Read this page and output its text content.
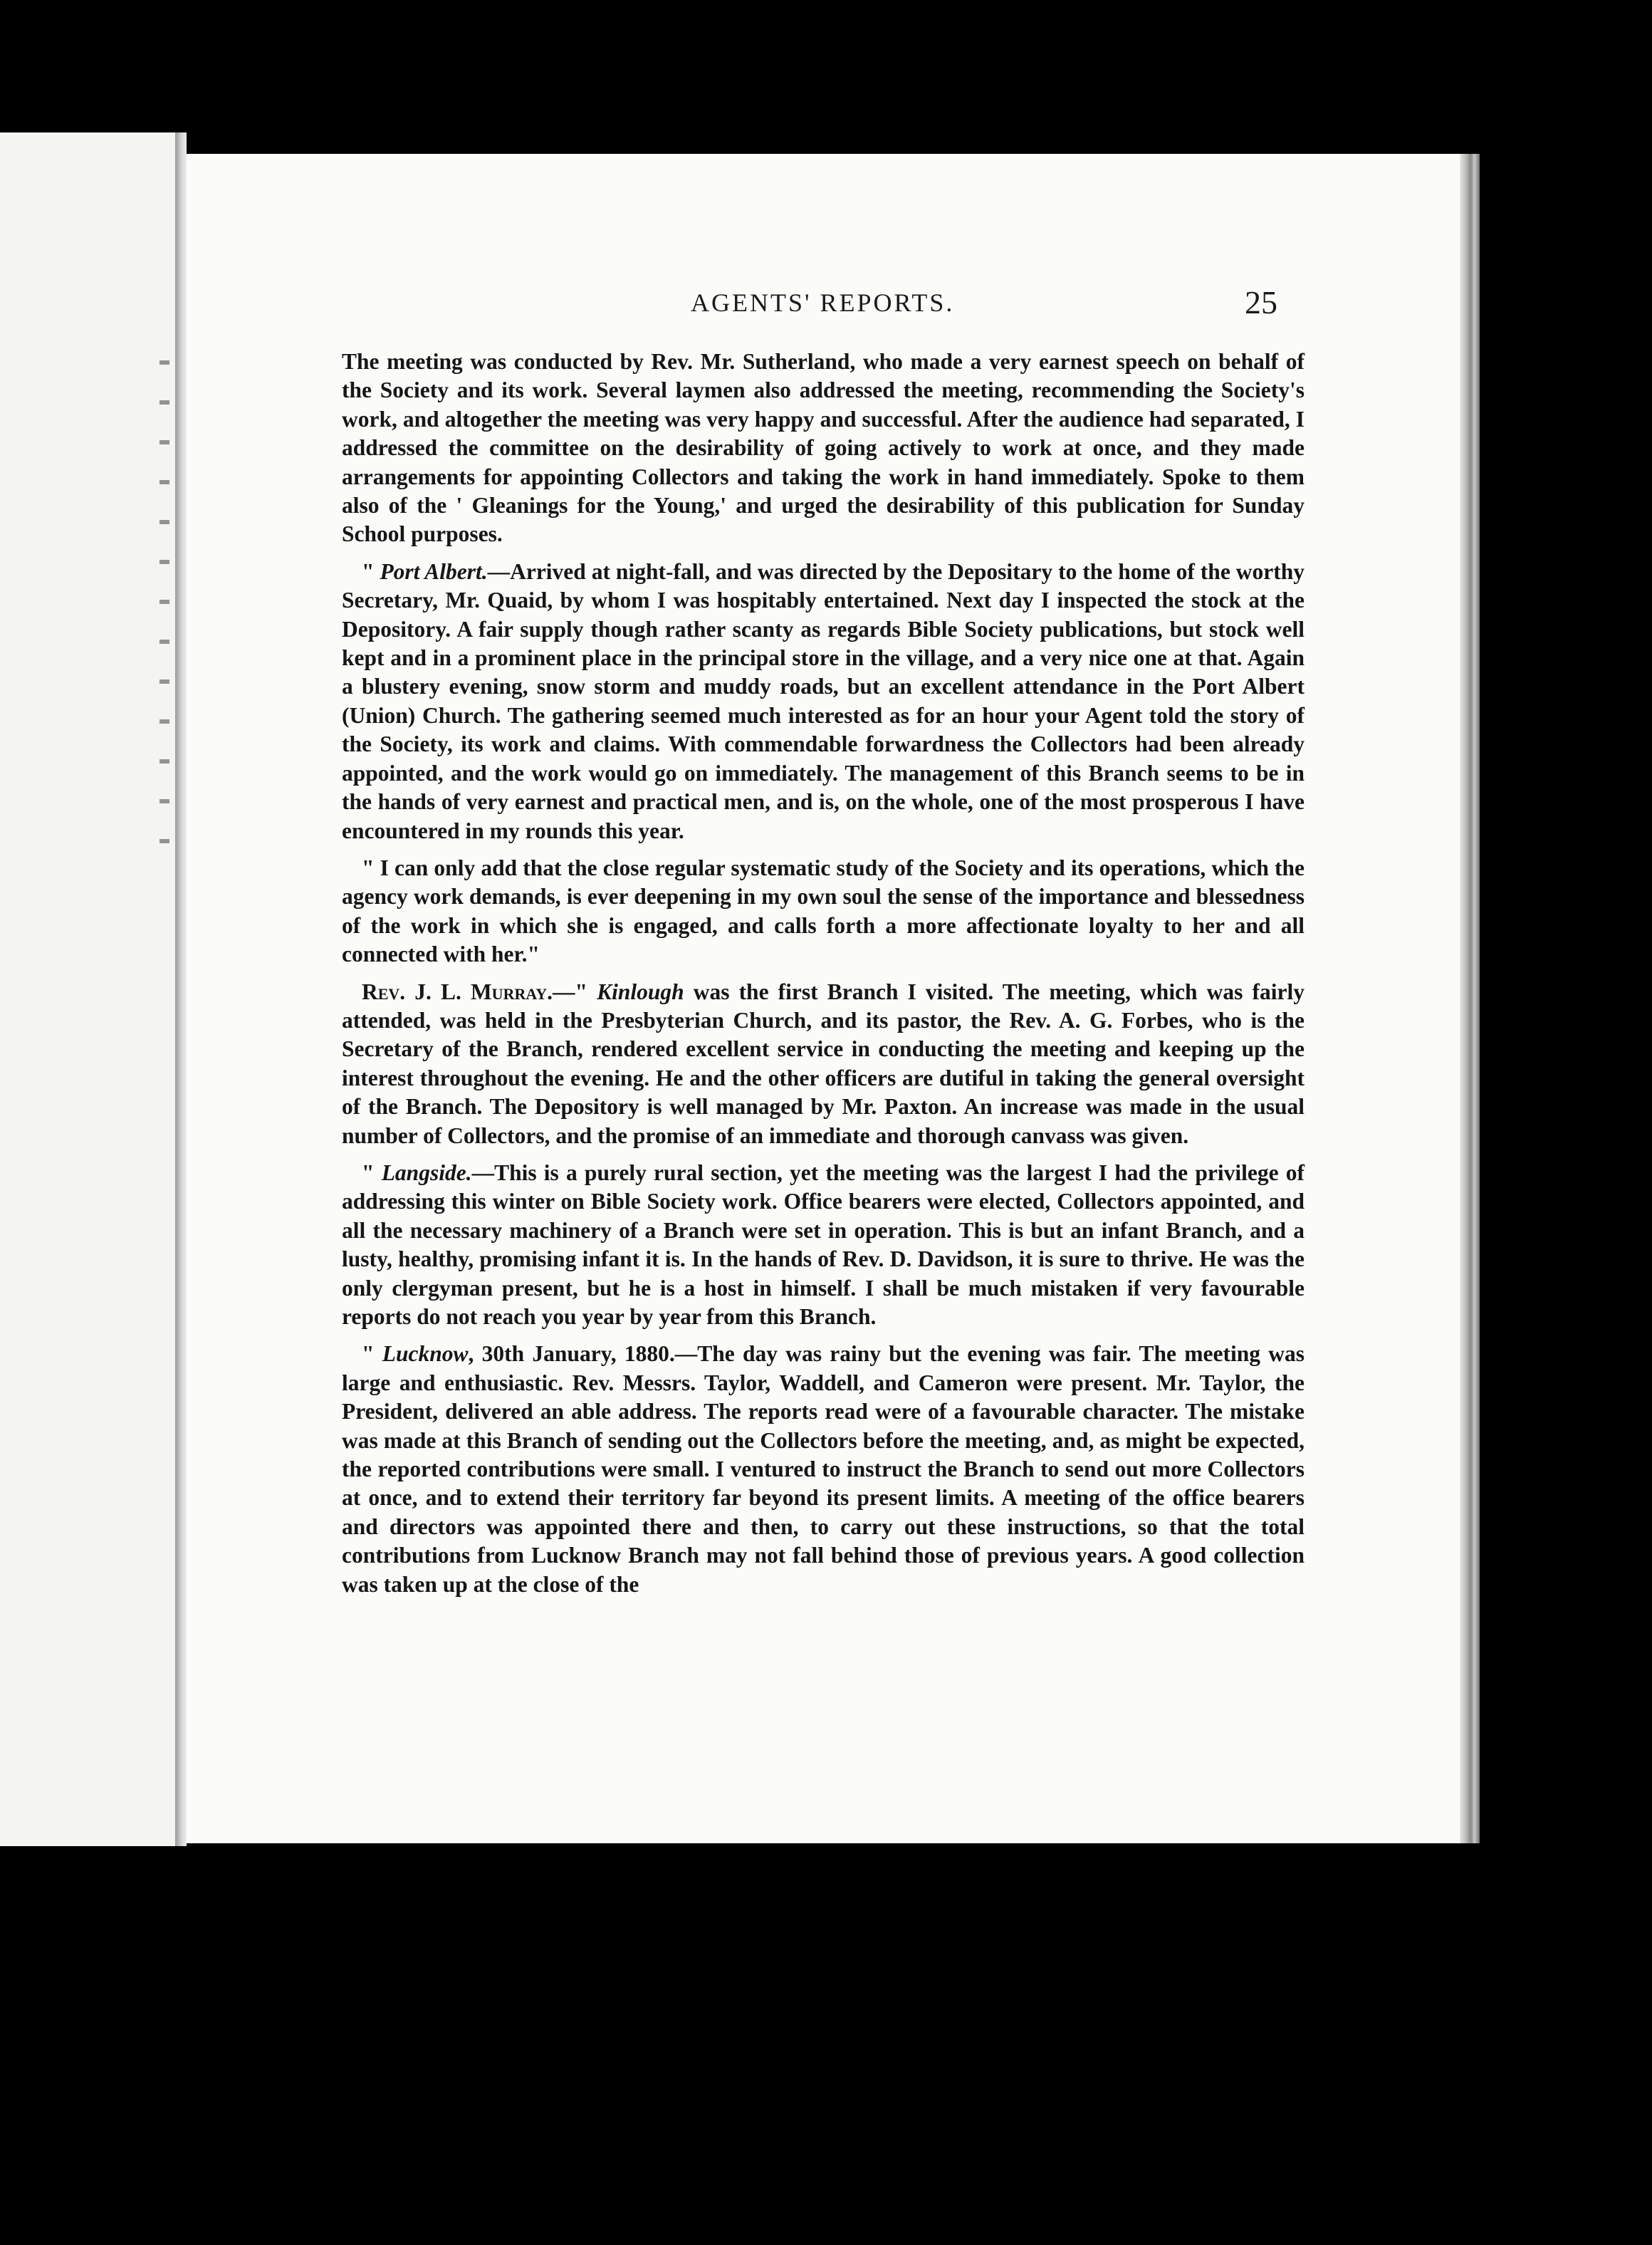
AGENTS' REPORTS.	25

The meeting was conducted by Rev. Mr. Sutherland, who made a very earnest speech on behalf of the Society and its work. Several laymen also addressed the meeting, recommending the Society's work, and altogether the meeting was very happy and successful. After the audience had separated, I addressed the committee on the desirability of going actively to work at once, and they made arrangements for appointing Collectors and taking the work in hand immediately. Spoke to them also of the ' Gleanings for the Young,' and urged the desirability of this publication for Sunday School purposes.

" Port Albert.—Arrived at night-fall, and was directed by the Depositary to the home of the worthy Secretary, Mr. Quaid, by whom I was hospitably entertained. Next day I inspected the stock at the Depository. A fair supply though rather scanty as regards Bible Society publications, but stock well kept and in a prominent place in the principal store in the village, and a very nice one at that. Again a blustery evening, snow storm and muddy roads, but an excellent attendance in the Port Albert (Union) Church. The gathering seemed much interested as for an hour your Agent told the story of the Society, its work and claims. With commendable forwardness the Collectors had been already appointed, and the work would go on immediately. The management of this Branch seems to be in the hands of very earnest and practical men, and is, on the whole, one of the most prosperous I have encountered in my rounds this year.

" I can only add that the close regular systematic study of the Society and its operations, which the agency work demands, is ever deepening in my own soul the sense of the importance and blessedness of the work in which she is engaged, and calls forth a more affectionate loyalty to her and all connected with her."

Rev. J. L. Murray.—" Kinlough was the first Branch I visited. The meeting, which was fairly attended, was held in the Presbyterian Church, and its pastor, the Rev. A. G. Forbes, who is the Secretary of the Branch, rendered excellent service in conducting the meeting and keeping up the interest throughout the evening. He and the other officers are dutiful in taking the general oversight of the Branch. The Depository is well managed by Mr. Paxton. An increase was made in the usual number of Collectors, and the promise of an immediate and thorough canvass was given.

" Langside.—This is a purely rural section, yet the meeting was the largest I had the privilege of addressing this winter on Bible Society work. Office bearers were elected, Collectors appointed, and all the necessary machinery of a Branch were set in operation. This is but an infant Branch, and a lusty, healthy, promising infant it is. In the hands of Rev. D. Davidson, it is sure to thrive. He was the only clergyman present, but he is a host in himself. I shall be much mistaken if very favourable reports do not reach you year by year from this Branch.

" Lucknow, 30th January, 1880.—The day was rainy but the evening was fair. The meeting was large and enthusiastic. Rev. Messrs. Taylor, Waddell, and Cameron were present. Mr. Taylor, the President, delivered an able address. The reports read were of a favourable character. The mistake was made at this Branch of sending out the Collectors before the meeting, and, as might be expected, the reported contributions were small. I ventured to instruct the Branch to send out more Collectors at once, and to extend their territory far beyond its present limits. A meeting of the office bearers and directors was appointed there and then, to carry out these instructions, so that the total contributions from Lucknow Branch may not fall behind those of previous years. A good collection was taken up at the close of the
